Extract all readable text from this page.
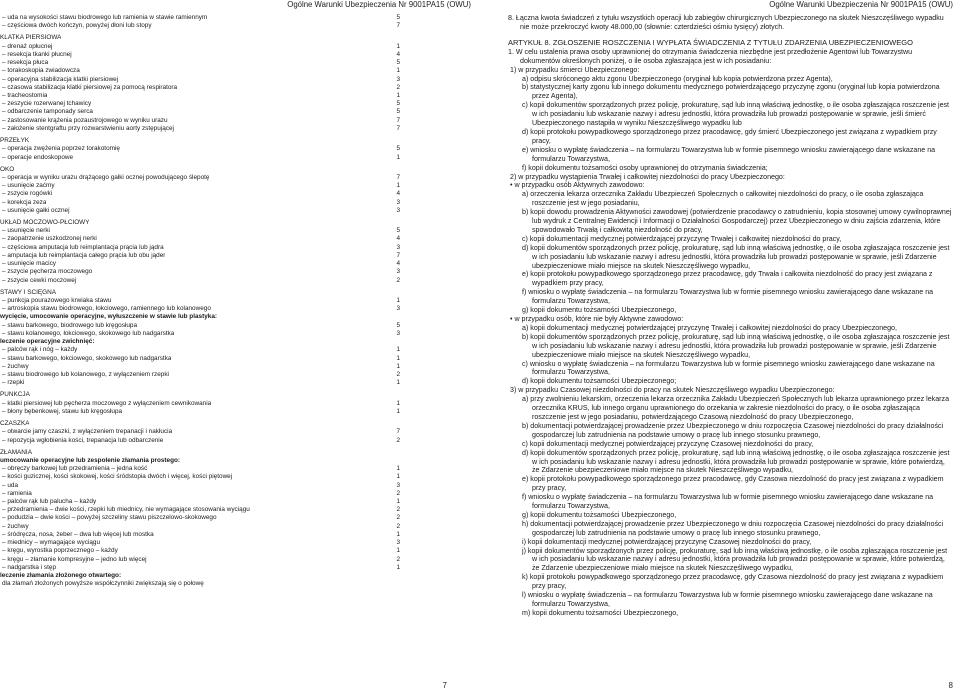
Ogólne Warunki Ubezpieczenia Nr 9001PA15 (OWU)
– uda na wysokości stawu biodrowego lub ramienia w stawie ramiennym	5
– częściowa dwóch kończyn, powyżej dłoni lub stopy	7
KLATKA PIERSIOWA
– drenaż opłucnej	1
– resekcja tkanki płucnej	4
– resekcja płuca	5
– torakoskopia zwiadowcza	1
– operacyjna stabilizacja klatki piersiowej	3
– czasowa stabilizacja klatki piersiowej za pomocą respiratora	2
– tracheostomia	1
– zeszycie rozerwanej tchawicy	5
– odbarczenie tamponady serca	5
– zastosowanie krążenia pozaustrojowego w wyniku urazu	7
– założenie stentgraftu przy rozwarstwieniu aorty zstępującej	7
PRZEŁYK
– operacja zwężenia poprzez torakotomię	5
– operacje endoskopowe	1
OKO
– operacja w wyniku urazu drążącego gałki ocznej powodującego ślepotę	7
– usunięcie zaćmy	1
– zszycie rogówki	4
– korekcja zeza	3
– usunięcie gałki ocznej	3
UKŁAD MOCZOWO-PŁCIOWY
– usunięcie nerki	5
– zaopatrzenie uszkodzonej nerki	4
– częściowa amputacja lub reimplantacja prącia lub jądra	3
– amputacja lub reimplantacja całego prącia lub obu jąder	7
– usunięcie macicy	4
– zszycie pęcherza moczowego	3
– zszycie cewki moczowej	2
STAWY I ŚCIĘGNA
– punkcja pourazowego krwiaka stawu	1
– artroskopia stawu biodrowego, łokciowego, ramiennego lub kolanowego	3
wycięcie, umocowanie operacyjne, wyłuszczenie w stawie lub plastyka:
– stawu barkowego, biodrowego lub kręgosłupa	5
– stawu kolanowego, łokciowego, skokowego lub nadgarstka	3
leczenie operacyjne zwichnięć:
– palców rąk i nóg – każdy	1
– stawu barkowego, łokciowego, skokowego lub nadgarstka	1
– żuchwy	1
– stawu biodrowego lub kolanowego, z wyłączeniem rzepki	2
– rzepki	1
PUNKCJA
– klatki piersiowej lub pęcherza moczowego z wyłączeniem cewnikowania	1
– błony bębenkowej, stawu lub kręgosłupa	1
CZASZKA
– otwarcie jamy czaszki, z wyłączeniem trepanacji i nakłucia	7
– repozycja wgłobienia kości, trepanacja lub odbarczenie	2
ZŁAMANIA
umocowanie operacyjne lub zespolenie złamania prostego:
– obręczy barkowej lub przedramienia – jedna kość	1
– kości guzicznej, kości skokowej, kości śródstopia dwóch i więcej, kości piętowej	1
– uda	3
– ramienia	2
– palców rąk lub palucha – każdy	1
– przedramienia – dwie kości, rzepki lub miednicy, nie wymagające stosowania wyciągu	2
– podudzia – dwie kości – powyżej szczeliny stawu piszczelowo-skokowego	2
– żuchwy	2
– śródręcza, nosa, żeber – dwa lub więcej lub mostka	1
– miednicy – wymagające wyciągu	3
– kręgu, wyrostka poprzecznego – każdy	1
– kręgu – złamanie kompresyjne – jedno lub więcej	2
– nadgarstka i stęp	1
leczenie złamania złożonego otwartego:
dla złamań złożonych powyższe współczynniki zwiększają się o połowę
7
Ogólne Warunki Ubezpieczenia Nr 9001PA15 (OWU)

8. Łączna kwota świadczeń z tytułu wszystkich operacji lub zabiegów chirurgicznych Ubezpieczonego na skutek Nieszczęśliwego wypadku nie może przekroczyć kwoty 48.000,00 (słownie: czterdzieści ośmiu tysięcy) złotych.

ARTYKUŁ 8. ZGŁOSZENIE ROSZCZENIA I WYPŁATA ŚWIADCZENIA Z TYTUŁU ZDARZENIA UBEZPIECZENIOWEGO

1. W celu ustalenia prawa osoby uprawnionej do otrzymania świadczenia niezbędne jest przedłożenie Agentowi lub Towarzystwu dokumentów określonych poniżej, o ile osoba zgłaszająca jest w ich posiadaniu:

1) w przypadku śmierci Ubezpieczonego:

a) odpisu skróconego aktu zgonu Ubezpieczonego (oryginał lub kopia potwierdzona przez Agenta),

b) statystycznej karty zgonu lub innego dokumentu medycznego potwierdzającego przyczynę zgonu (oryginał lub kopia potwierdzona przez Agenta),

c) kopii dokumentów sporządzonych przez policję, prokuraturę, sąd lub inną właściwą jednostkę, o ile osoba zgłaszająca roszczenie jest w ich posiadaniu lub wskazanie nazwy i adresu jednostki, która prowadziła lub prowadzi postępowanie w sprawie, jeśli śmierć Ubezpieczonego nastąpiła w wyniku Nieszczęśliwego wypadku lub

d) kopii protokołu powypadkowego sporządzonego przez pracodawcę, gdy śmierć Ubezpieczonego jest związana z wypadkiem przy pracy,

e) wniosku o wypłatę świadczenia – na formularzu Towarzystwa lub w formie pisemnego wniosku zawierającego dane wskazane na formularzu Towarzystwa,

f) kopii dokumentu tożsamości osoby uprawnionej do otrzymania świadczenia;

2) w przypadku wystąpienia Trwałej i całkowitej niezdolności do pracy Ubezpieczonego:

• w przypadku osób Aktywnych zawodowo:

a) orzeczenia lekarza orzecznika Zakładu Ubezpieczeń Społecznych o całkowitej niezdolności do pracy, o ile osoba zgłaszająca roszczenie jest w jego posiadaniu,

b) kopii dowodu prowadzenia Aktywności zawodowej (potwierdzenie pracodawcy o zatrudnieniu, kopia stosownej umowy cywilnoprawnej lub wydruk z Centralnej Ewidencji i Informacji o Działalności Gospodarczej) przez Ubezpieczonego w dniu zajścia zdarzenia, które spowodowało Trwałą i całkowitą niezdolność do pracy,

c) kopii dokumentacji medycznej potwierdzającej przyczynę Trwałej i całkowitej niezdolności do pracy,

d) kopii dokumentów sporządzonych przez policję, prokuraturę, sąd lub inną właściwą jednostkę, o ile osoba zgłaszająca roszczenie jest w ich posiadaniu lub wskazanie nazwy i adresu jednostki, która prowadziła lub prowadzi postępowanie w sprawie, jeśli Zdarzenie ubezpieczeniowe miało miejsce na skutek Nieszczęśliwego wypadku,

e) kopii protokołu powypadkowego sporządzonego przez pracodawcę, gdy Trwała i całkowita niezdolność do pracy jest związana z wypadkiem przy pracy,

f) wniosku o wypłatę świadczenia – na formularzu Towarzystwa lub w formie pisemnego wniosku zawierającego dane wskazane na formularzu Towarzystwa,

g) kopii dokumentu tożsamości Ubezpieczonego,

• w przypadku osób, które nie były Aktywne zawodowo:

a) kopii dokumentacji medycznej potwierdzającej przyczynę Trwałej i całkowitej niezdolności do pracy Ubezpieczonego,

b) kopii dokumentów sporządzonych przez policję, prokuraturę, sąd lub inną właściwą jednostkę, o ile osoba zgłaszająca roszczenie jest w ich posiadaniu lub wskazanie nazwy i adresu jednostki, która prowadziła lub prowadzi postępowanie w sprawie, jeśli Zdarzenie ubezpieczeniowe miało miejsce na skutek Nieszczęśliwego wypadku,

c) wniosku o wypłatę świadczenia – na formularzu Towarzystwa lub w formie pisemnego wniosku zawierającego dane wskazane na formularzu Towarzystwa,

d) kopii dokumentu tożsamości Ubezpieczonego;

3) w przypadku Czasowej niezdolności do pracy na skutek Nieszczęśliwego wypadku Ubezpieczonego:

a) przy zwolnieniu lekarskim, orzeczenia lekarza orzecznika Zakładu Ubezpieczeń Społecznych lub lekarza uprawnionego przez lekarza orzecznika KRUS, lub innego organu uprawnionego do orzekania w zakresie niezdolności do pracy, o ile osoba zgłaszająca roszczenie jest w jego posiadaniu, potwierdzającego Czasową niezdolność do pracy Ubezpieczonego,

b) dokumentacji potwierdzającej prowadzenie przez Ubezpieczonego w dniu rozpoczęcia Czasowej niezdolności do pracy działalności gospodarczej lub zatrudnienia na podstawie umowy o pracę lub innego stosunku prawnego,

c) kopii dokumentacji medycznej potwierdzającej przyczynę Czasowej niezdolności do pracy,

d) kopii dokumentów sporządzonych przez policję, prokuraturę, sąd lub inną właściwą jednostkę, o ile osoba zgłaszająca roszczenie jest w ich posiadaniu lub wskazanie nazwy i adresu jednostki, która prowadziła lub prowadzi postępowanie w sprawie, które potwierdzą, że Zdarzenie ubezpieczeniowe miało miejsce na skutek Nieszczęśliwego wypadku,

e) kopii protokołu powypadkowego sporządzonego przez pracodawcę, gdy Czasowa niezdolność do pracy jest związana z wypadkiem przy pracy,

f) wniosku o wypłatę świadczenia – na formularzu Towarzystwa lub w formie pisemnego wniosku zawierającego dane wskazane na formularzu Towarzystwa,

g) kopii dokumentu tożsamości Ubezpieczonego,

h) dokumentacji potwierdzającej prowadzenie przez Ubezpieczonego w dniu rozpoczęcia Czasowej niezdolności do pracy działalności gospodarczej lub zatrudnienia na podstawie umowy o pracę lub innego stosunku prawnego,

i) kopii dokumentacji medycznej potwierdzającej przyczynę Czasowej niezdolności do pracy,

j) kopii dokumentów sporządzonych przez policję, prokuraturę, sąd lub inną właściwą jednostkę, o ile osoba zgłaszająca roszczenie jest w ich posiadaniu lub wskazanie nazwy i adresu jednostki, która prowadziła lub prowadzi postępowanie w sprawie, które potwierdzą, że Zdarzenie ubezpieczeniowe miało miejsce na skutek Nieszczęśliwego wypadku,

k) kopii protokołu powypadkowego sporządzonego przez pracodawcę, gdy Czasowa niezdolność do pracy jest związana z wypadkiem przy pracy,

l) wniosku o wypłatę świadczenia – na formularzu Towarzystwa lub w formie pisemnego wniosku zawierającego dane wskazane na formularzu Towarzystwa,

m) kopii dokumentu tożsamości Ubezpieczonego,

8
